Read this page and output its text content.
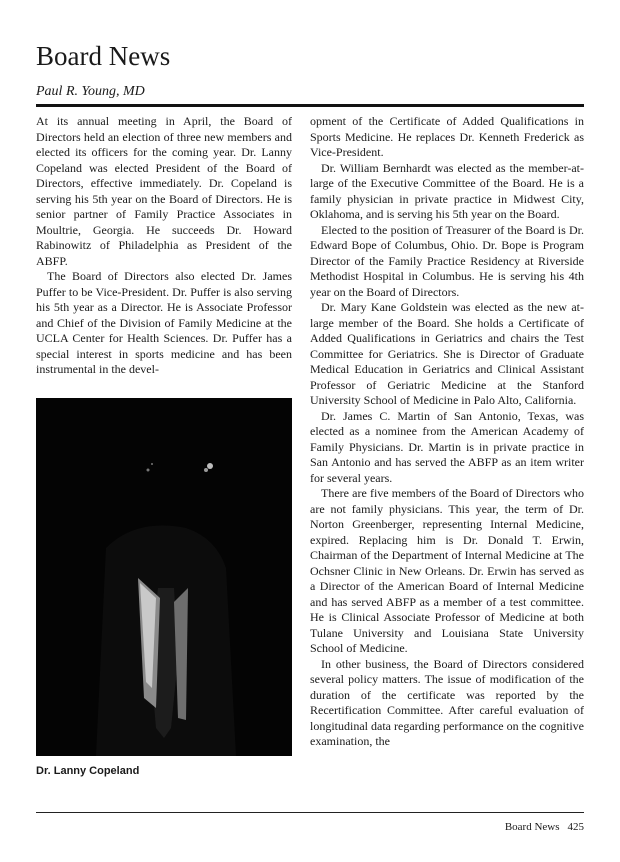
Board News
Paul R. Young, MD

At its annual meeting in April, the Board of Directors held an election of three new members and elected its officers for the coming year. Dr. Lanny Copeland was elected President of the Board of Directors, effective immediately. Dr. Copeland is serving his 5th year on the Board of Directors. He is senior partner of Family Practice Associates in Moultrie, Georgia. He succeeds Dr. Howard Rabinowitz of Philadelphia as President of the ABFP.

The Board of Directors also elected Dr. James Puffer to be Vice-President. Dr. Puffer is also serving his 5th year as a Director. He is Associate Professor and Chief of the Division of Family Medicine at the UCLA Center for Health Sciences. Dr. Puffer has a special interest in sports medicine and has been instrumental in the devel-

Dr. Lanny Copeland

opment of the Certificate of Added Qualifications in Sports Medicine. He replaces Dr. Kenneth Frederick as Vice-President.

Dr. William Bernhardt was elected as the member-at-large of the Executive Committee of the Board. He is a family physician in private practice in Midwest City, Oklahoma, and is serving his 5th year on the Board.

Elected to the position of Treasurer of the Board is Dr. Edward Bope of Columbus, Ohio. Dr. Bope is Program Director of the Family Practice Residency at Riverside Methodist Hospital in Columbus. He is serving his 4th year on the Board of Directors.

Dr. Mary Kane Goldstein was elected as the new at-large member of the Board. She holds a Certificate of Added Qualifications in Geriatrics and chairs the Test Committee for Geriatrics. She is Director of Graduate Medical Education in Geriatrics and Clinical Assistant Professor of Geriatric Medicine at the Stanford University School of Medicine in Palo Alto, California.

Dr. James C. Martin of San Antonio, Texas, was elected as a nominee from the American Academy of Family Physicians. Dr. Martin is in private practice in San Antonio and has served the ABFP as an item writer for several years.

There are five members of the Board of Directors who are not family physicians. This year, the term of Dr. Norton Greenberger, representing Internal Medicine, expired. Replacing him is Dr. Donald T. Erwin, Chairman of the Department of Internal Medicine at The Ochsner Clinic in New Orleans. Dr. Erwin has served as a Director of the American Board of Internal Medicine and has served ABFP as a member of a test committee. He is Clinical Associate Professor of Medicine at both Tulane University and Louisiana State University School of Medicine.

In other business, the Board of Directors considered several policy matters. The issue of modification of the duration of the certificate was reported by the Recertification Committee. After careful evaluation of longitudinal data regarding performance on the cognitive examination, the

Board News 425
